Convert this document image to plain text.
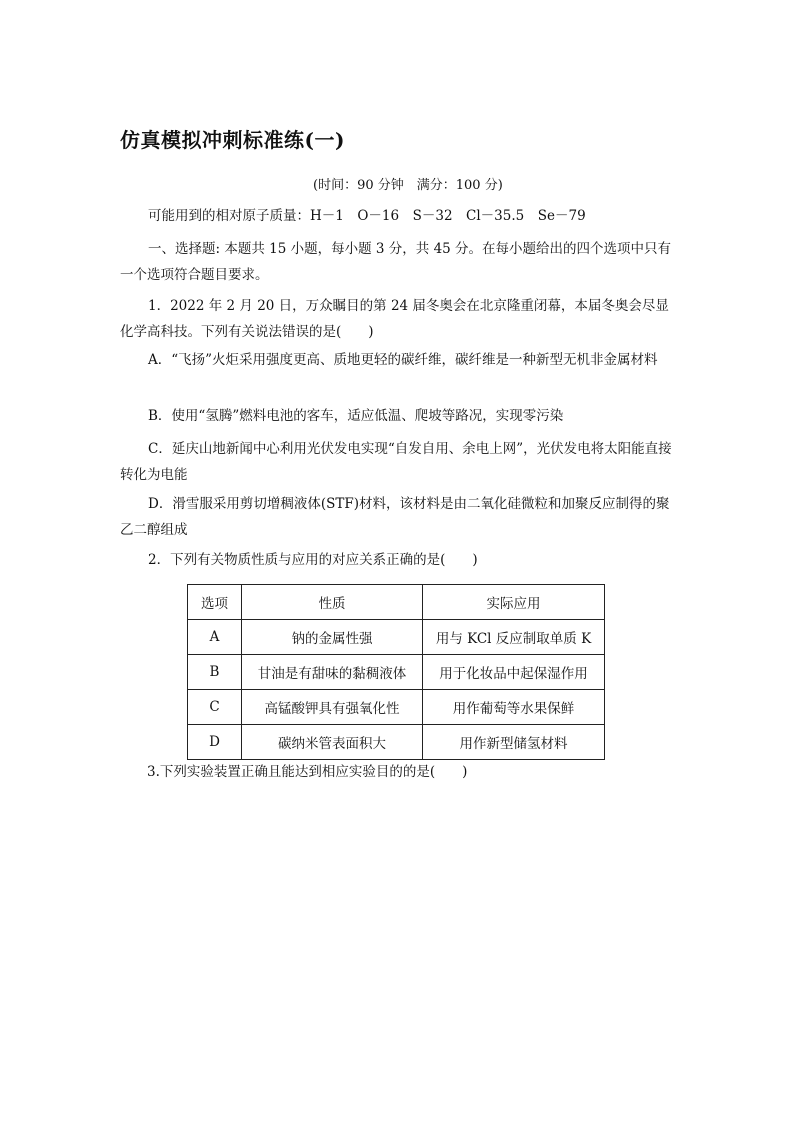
仿真模拟冲刺标准练(一)
(时间：90 分钟　满分：100 分)
可能用到的相对原子质量：H－1　O－16　S－32　Cl－35.5　Se－79
一、选择题: 本题共 15 小题，每小题 3 分，共 45 分。在每小题给出的四个选项中只有一个选项符合题目要求。
1．2022 年 2 月 20 日，万众瞩目的第 24 届冬奥会在北京隆重闭幕，本届冬奥会尽显化学高科技。下列有关说法错误的是(　　)
A．“飞扬”火炬采用强度更高、质地更轻的碳纤维，碳纤维是一种新型无机非金属材料
B．使用“氢腾”燃料电池的客车，适应低温、爬坡等路况，实现零污染
C．延庆山地新闻中心利用光伏发电实现“自发自用、余电上网”，光伏发电将太阳能直接转化为电能
D．滑雪服采用剪切增稠液体(STF)材料，该材料是由二氧化硅微粒和加聚反应制得的聚乙二醇组成
2．下列有关物质性质与应用的对应关系正确的是(　　)
选项	性质	实际应用
A	钠的金属性强	用与 KCl 反应制取单质 K
B	甘油是有甜味的黏稠液体	用于化妆品中起保湿作用
C	高锰酸钾具有强氧化性	用作葡萄等水果保鲜
D	碳纳米管表面积大	用作新型储氢材料
3.下列实验装置正确且能达到相应实验目的的是(　　)
